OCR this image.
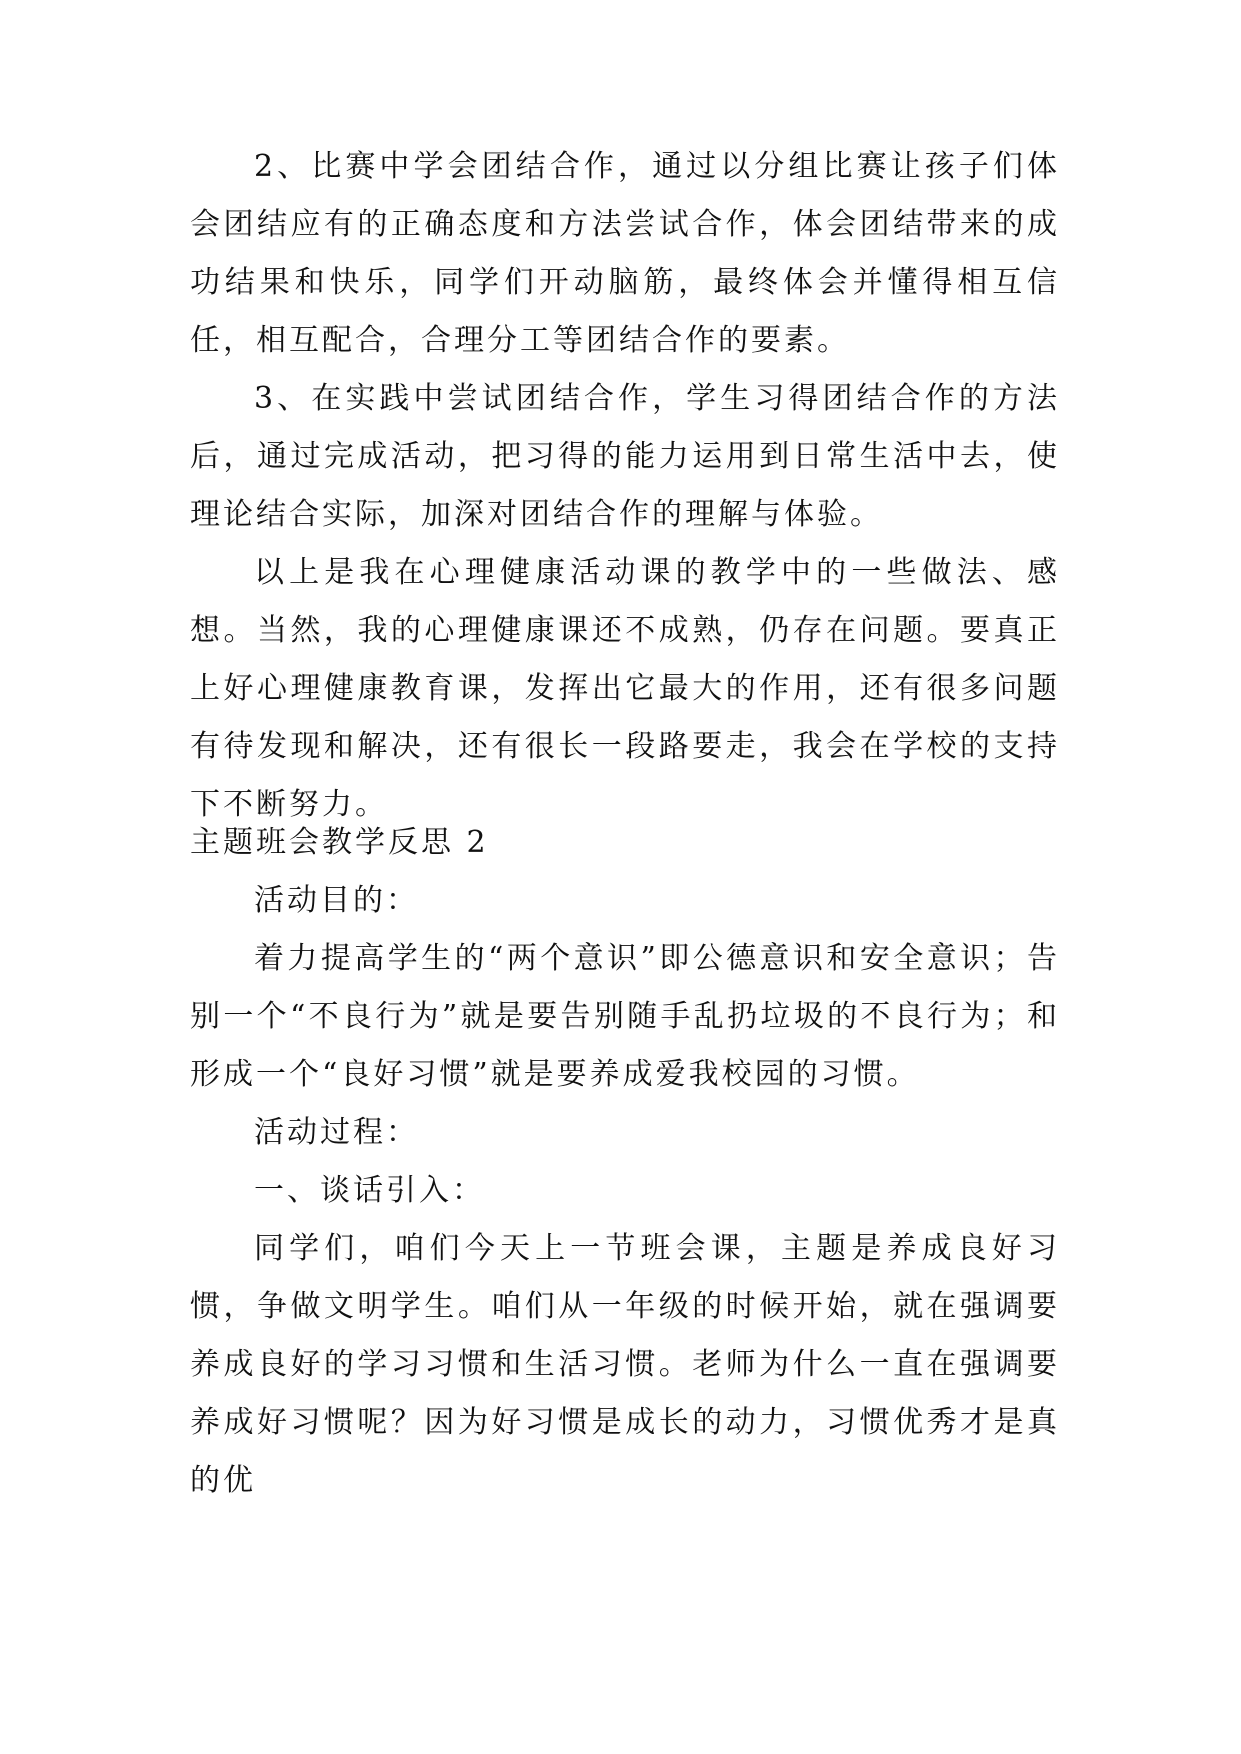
2、比赛中学会团结合作，通过以分组比赛让孩子们体会团结应有的正确态度和方法尝试合作，体会团结带来的成功结果和快乐，同学们开动脑筋，最终体会并懂得相互信任，相互配合，合理分工等团结合作的要素。

3、在实践中尝试团结合作，学生习得团结合作的方法后，通过完成活动，把习得的能力运用到日常生活中去，使理论结合实际，加深对团结合作的理解与体验。

以上是我在心理健康活动课的教学中的一些做法、感想。当然，我的心理健康课还不成熟，仍存在问题。要真正上好心理健康教育课，发挥出它最大的作用，还有很多问题有待发现和解决，还有很长一段路要走，我会在学校的支持下不断努力。

主题班会教学反思 2

活动目的：

着力提高学生的“两个意识”即公德意识和安全意识；告别一个“不良行为”就是要告别随手乱扔垃圾的不良行为；和形成一个“良好习惯”就是要养成爱我校园的习惯。

活动过程：

一、谈话引入：

同学们，咱们今天上一节班会课，主题是养成良好习惯，争做文明学生。咱们从一年级的时候开始，就在强调要养成良好的学习习惯和生活习惯。老师为什么一直在强调要养成好习惯呢？因为好习惯是成长的动力，习惯优秀才是真的优
